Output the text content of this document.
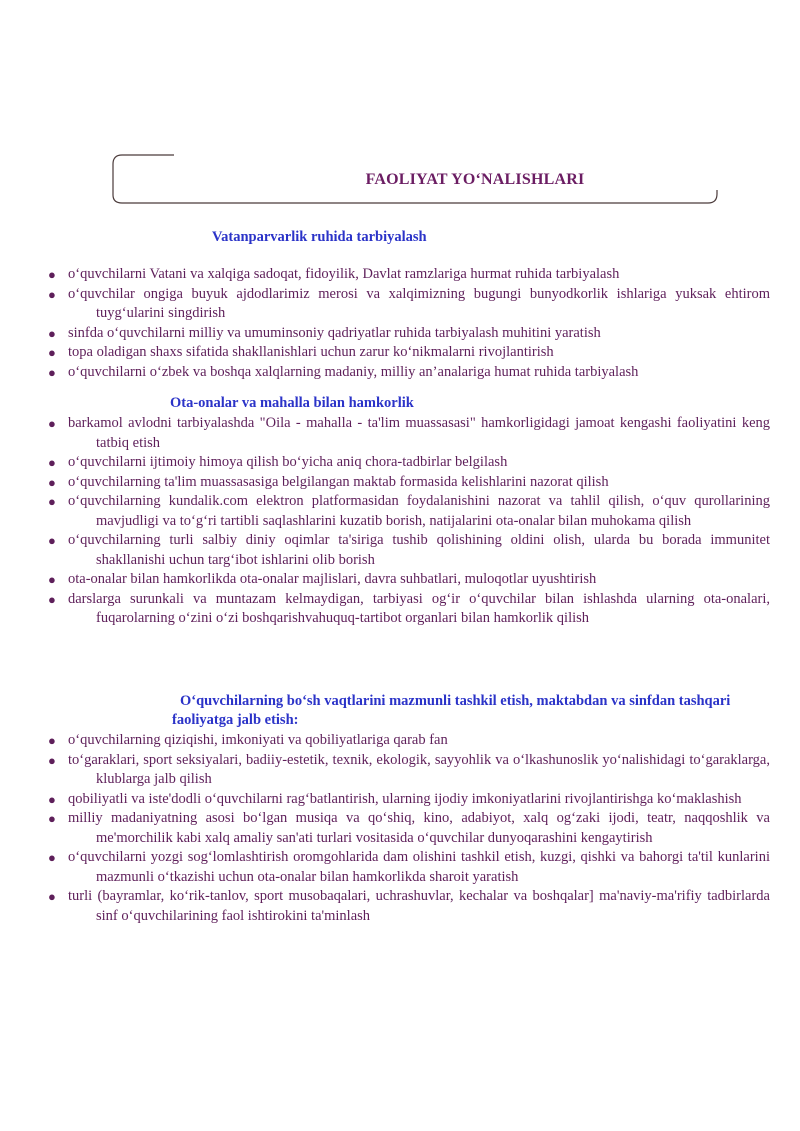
FAOLIYAT YO‘NALISHLARI
Vatanparvarlik ruhida tarbiyalash
● o‘quvchilarni Vatani va xalqiga sadoqat, fidoyilik, Davlat ramzlariga hurmat ruhida tarbiyalash
● o‘quvchilar ongiga buyuk ajdodlarimiz merosi va xalqimizning bugungi bunyodkorlik ishlariga yuksak ehtirom tuyg‘ularini singdirish
● sinfda o‘quvchilarni milliy va umuminsoniy qadriyatlar ruhida tarbiyalash muhitini yaratish
● topa oladigan shaxs sifatida shakllanishlari uchun zarur ko‘nikmalarni rivojlantirish
● o‘quvchilarni o‘zbek va boshqa xalqlarning madaniy, milliy an’analariga humat ruhida tarbiyalash
Ota-onalar va mahalla bilan hamkorlik
● barkamol avlodni tarbiyalashda "Oila - mahalla - ta'lim muassasasi" hamkorligidagi jamoat kengashi faoliyatini keng tatbiq etish
● o‘quvchilarni ijtimoiy himoya qilish bo‘yicha aniq chora-tadbirlar belgilash
● o‘quvchilarning ta'lim muassasasiga belgilangan maktab formasida kelishlarini nazorat qilish
● o‘quvchilarning kundalik.com elektron platformasidan foydalanishini nazorat va tahlil qilish, o‘quv qurollarining mavjudligi va to‘g‘ri tartibli saqlashlarini kuzatib borish, natijalarini ota-onalar bilan muhokama qilish
● o‘quvchilarning turli salbiy diniy oqimlar ta'siriga tushib qolishining oldini olish, ularda bu borada immunitet shakllanishi uchun targ‘ibot ishlarini olib borish
● ota-onalar bilan hamkorlikda ota-onalar majlislari, davra suhbatlari, muloqotlar uyushtirish
● darslarga surunkali va muntazam kelmaydigan, tarbiyasi og‘ir o‘quvchilar bilan ishlashda ularning ota-onalari, fuqarolarning o‘zini o‘zi boshqarishvahuquq-tartibot organlari bilan hamkorlik qilish
O‘quvchilarning bo‘sh vaqtlarini mazmunli tashkil etish, maktabdan va sinfdan tashqari faoliyatga jalb etish:
● o‘quvchilarning qiziqishi, imkoniyati va qobiliyatlariga qarab fan
● to‘garaklari, sport seksiyalari, badiiy-estetik, texnik, ekologik, sayyohlik va o‘lkashunoslik yo‘nalishidagi to‘garaklarga, klublarga jalb qilish
● qobiliyatli va iste'dodli o‘quvchilarni rag‘batlantirish, ularning ijodiy imkoniyatlarini rivojlantirishga ko‘maklashish
● milliy madaniyatning asosi bo‘lgan musiqa va qo‘shiq, kino, adabiyot, xalq og‘zaki ijodi, teatr, naqqoshlik va me'morchilik kabi xalq amaliy san'ati turlari vositasida o‘quvchilar dunyoqarashini kengaytirish
● o‘quvchilarni yozgi sog‘lomlashtirish oromgohlarida dam olishini tashkil etish, kuzgi, qishki va bahorgi ta'til kunlarini mazmunli o‘tkazishi uchun ota-onalar bilan hamkorlikda sharoit yaratish
● turli (bayramlar, ko‘rik-tanlov, sport musobaqalari, uchrashuvlar, kechalar va boshqalar] ma'naviy-ma'rifiy tadbirlarda sinf o‘quvchilarining faol ishtirokini ta'minlash
